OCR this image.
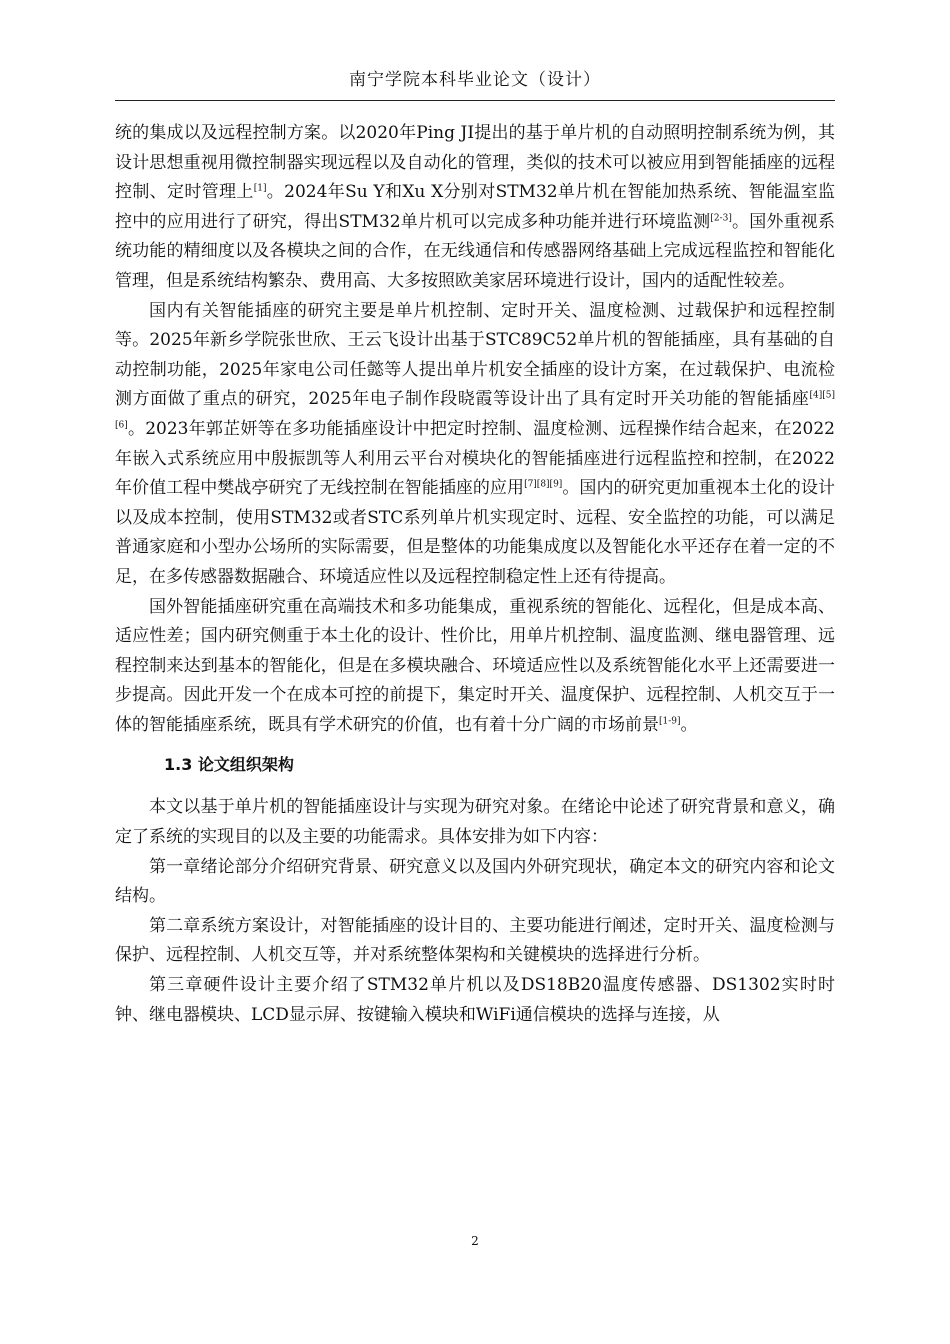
南宁学院本科毕业论文（设计）

统的集成以及远程控制方案。以2020年Ping JI提出的基于单片机的自动照明控制系统为例，其设计思想重视用微控制器实现远程以及自动化的管理，类似的技术可以被应用到智能插座的远程控制、定时管理上[1]。2024年Su Y和Xu X分别对STM32单片机在智能加热系统、智能温室监控中的应用进行了研究，得出STM32单片机可以完成多种功能并进行环境监测[2-3]。国外重视系统功能的精细度以及各模块之间的合作，在无线通信和传感器网络基础上完成远程监控和智能化管理，但是系统结构繁杂、费用高、大多按照欧美家居环境进行设计，国内的适配性较差。

国内有关智能插座的研究主要是单片机控制、定时开关、温度检测、过载保护和远程控制等。2025年新乡学院张世欣、王云飞设计出基于STC89C52单片机的智能插座，具有基础的自动控制功能，2025年家电公司任懿等人提出单片机安全插座的设计方案，在过载保护、电流检测方面做了重点的研究，2025年电子制作段晓霞等设计出了具有定时开关功能的智能插座[4][5][6]。2023年郭芷妍等在多功能插座设计中把定时控制、温度检测、远程操作结合起来，在2022年嵌入式系统应用中殷振凯等人利用云平台对模块化的智能插座进行远程监控和控制，在2022年价值工程中樊战亭研究了无线控制在智能插座的应用[7][8][9]。国内的研究更加重视本土化的设计以及成本控制，使用STM32或者STC系列单片机实现定时、远程、安全监控的功能，可以满足普通家庭和小型办公场所的实际需要，但是整体的功能集成度以及智能化水平还存在着一定的不足，在多传感器数据融合、环境适应性以及远程控制稳定性上还有待提高。

国外智能插座研究重在高端技术和多功能集成，重视系统的智能化、远程化，但是成本高、适应性差；国内研究侧重于本土化的设计、性价比，用单片机控制、温度监测、继电器管理、远程控制来达到基本的智能化，但是在多模块融合、环境适应性以及系统智能化水平上还需要进一步提高。因此开发一个在成本可控的前提下，集定时开关、温度保护、远程控制、人机交互于一体的智能插座系统，既具有学术研究的价值，也有着十分广阔的市场前景[1-9]。

1.3 论文组织架构

本文以基于单片机的智能插座设计与实现为研究对象。在绪论中论述了研究背景和意义，确定了系统的实现目的以及主要的功能需求。具体安排为如下内容：

第一章绪论部分介绍研究背景、研究意义以及国内外研究现状，确定本文的研究内容和论文结构。

第二章系统方案设计，对智能插座的设计目的、主要功能进行阐述，定时开关、温度检测与保护、远程控制、人机交互等，并对系统整体架构和关键模块的选择进行分析。

第三章硬件设计主要介绍了STM32单片机以及DS18B20温度传感器、DS1302实时时钟、继电器模块、LCD显示屏、按键输入模块和WiFi通信模块的选择与连接，从

2
